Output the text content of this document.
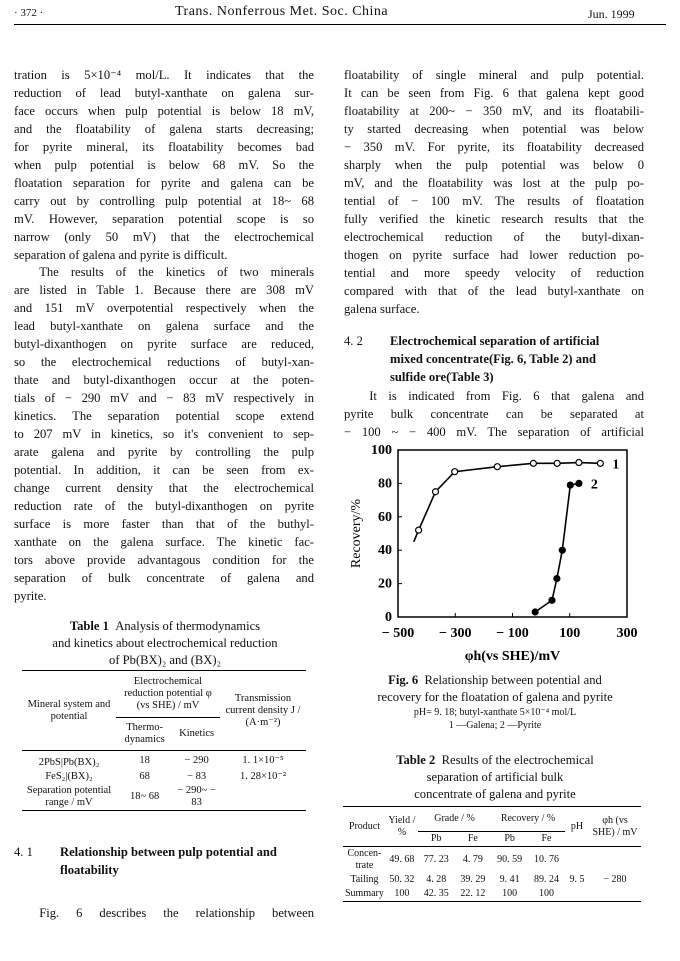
· 372 ·	Trans. Nonferrous Met. Soc. China	Jun. 1999
tration is 5×10⁻⁴ mol/L. It indicates that the
reduction of lead butyl-xanthate on galena sur-
face occurs when pulp potential is below 18 mV,
and the floatability of galena starts decreasing;
for pyrite mineral, its floatability becomes bad
when pulp potential is below 68 mV. So the
floatation separation for pyrite and galena can be
carry out by controlling pulp potential at 18~ 68
mV. However, separation potential scope is so
narrow (only 50 mV) that the electrochemical
separation of galena and pyrite is difficult.
The results of the kinetics of two minerals
are listed in Table 1. Because there are 308 mV
and 151 mV overpotential respectively when the
lead butyl-xanthate on galena surface and the
butyl-dixanthogen on pyrite surface are reduced,
so the electrochemical reductions of butyl-xan-
thate and butyl-dixanthogen occur at the poten-
tials of − 290 mV and − 83 mV respectively in
kinetics. The separation potential scope extend
to 207 mV in kinetics, so it's convenient to sep-
arate galena and pyrite by controlling the pulp
potential. In addition, it can be seen from ex-
change current density that the electrochemical
reduction rate of the butyl-dixanthogen on pyrite
surface is more faster than that of the buthyl-
xanthate on the galena surface. The kinetic fac-
tors above provide advantagous condition for the
separation of bulk concentrate of galena and
pyrite.
Table 1 Analysis of thermodynamics
and kinetics about electrochemical reduction
of Pb(BX)₂ and (BX)₂
Mineral system and potential	Electrochemical reduction potential φ (vs SHE) / mV		Transmission current density J / (A·m⁻²)
	Thermo-dynamics	Kinetics	
2PbS|Pb(BX)₂	18	− 290	1. 1×10⁻⁵
FeS₂|(BX)₂	68	− 83	1. 28×10⁻²
Separation potential range / mV	18~ 68	− 290~ − 83	
4. 1 Relationship between pulp potential and
floatability
Fig. 6 describes the relationship between
floatability of single mineral and pulp potential.
It can be seen from Fig. 6 that galena kept good
floatability at 200~ − 350 mV, and its floatabili-
ty started decreasing when potential was below
− 350 mV. For pyrite, its floatability decreased
sharply when the pulp potential was below 0
mV, and the floatability was lost at the pulp po-
tential of − 100 mV. The results of floatation
fully verified the kinetic research results that the
electrochemical reduction of the butyl-dixan-
thogen on pyrite surface had lower reduction po-
tential and more speedy velocity of reduction
compared with that of the lead butyl-xanthate on
galena surface.
4. 2 Electrochemical separation of artificial
mixed concentrate(Fig. 6, Table 2) and
sulfide ore(Table 3)
It is indicated from Fig. 6 that galena and
pyrite bulk concentrate can be separated at
− 100 ~ − 400 mV. The separation of artificial
0
20
40
60
80
100
− 500 − 300 − 100 100	300
φh(vs SHE)/mV
Recovery/%
1
2
Fig. 6 Relationship between potential and
recovery for the floatation of galena and pyrite
pH= 9. 18; butyl-xanthate 5×10⁻⁴ mol/L
1 —Galena; 2 —Pyrite
Table 2 Results of the electrochemical
separation of artificial bulk
concentrate of galena and pyrite
Product	Yield / %	Grade / %		Recovery / %		pH	φh (vs SHE) / mV
		Pb	Fe	Pb	Fe		
Concen-trate	49. 68	77. 23	4. 79	90. 59	10. 76		
Tailing	50. 32	4. 28	39. 29	9. 41	89. 24	9. 5	− 280
Summary	100	42. 35	22. 12	100	100		
